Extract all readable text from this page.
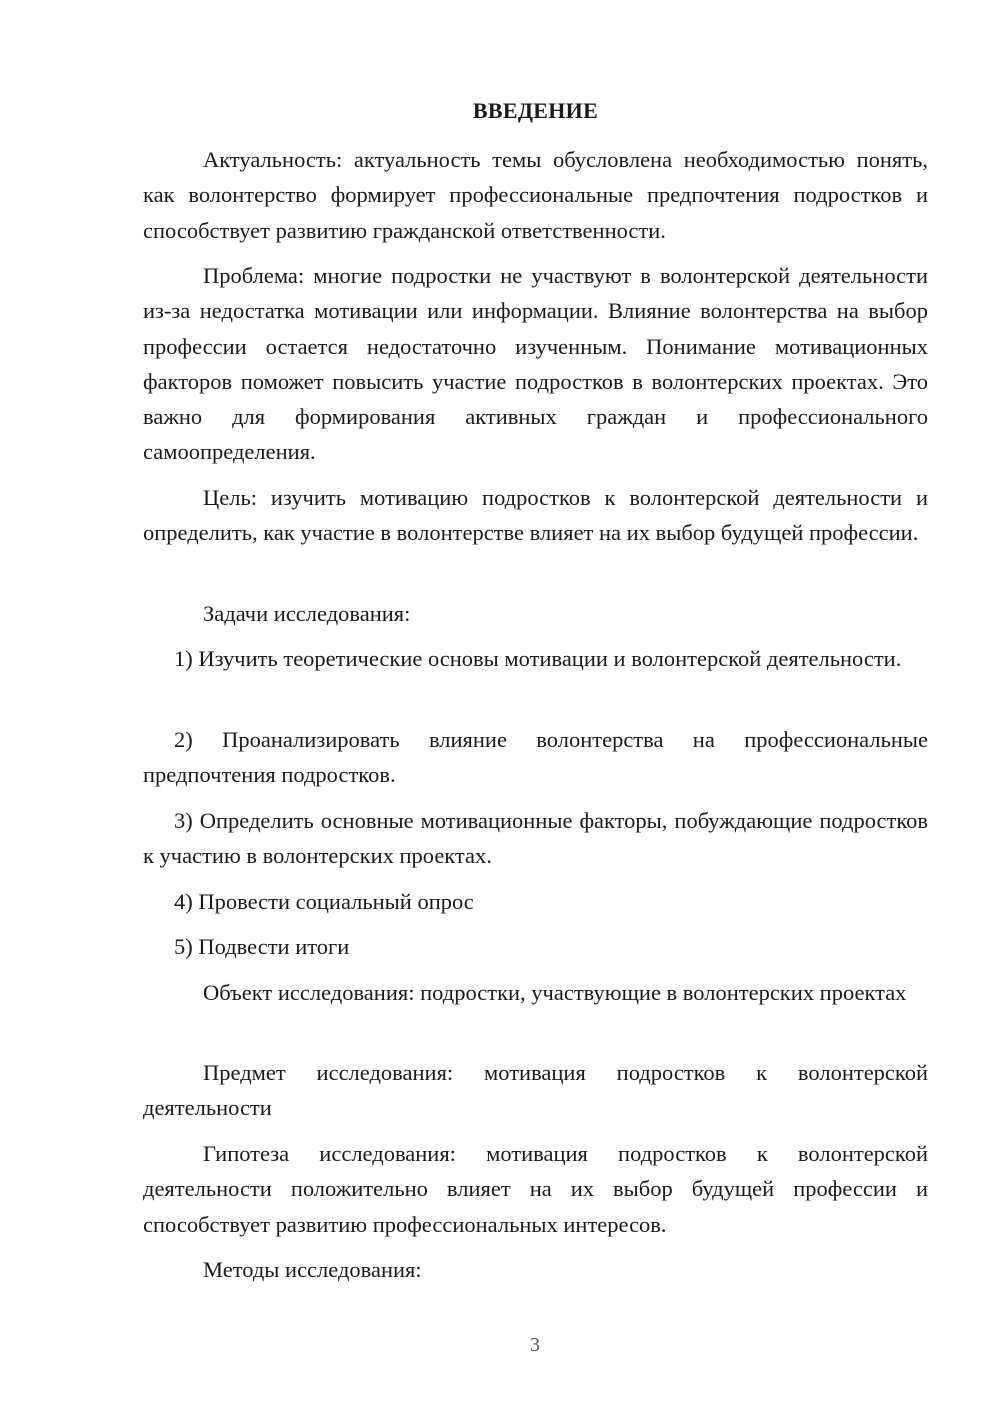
ВВЕДЕНИЕ

Актуальность: актуальность темы обусловлена необходимостью понять, как волонтерство формирует профессиональные предпочтения подростков и способствует развитию гражданской ответственности.

Проблема: многие подростки не участвуют в волонтерской деятельности из-за недостатка мотивации или информации. Влияние волонтерства на выбор профессии остается недостаточно изученным. Понимание мотивационных факторов поможет повысить участие подростков в волонтерских проектах. Это важно для формирования активных граждан и профессионального самоопределения.

Цель: изучить мотивацию подростков к волонтерской деятельности и определить, как участие в волонтерстве влияет на их выбор будущей профессии.

Задачи исследования:

1) Изучить теоретические основы мотивации и волонтерской деятельности.

2) Проанализировать влияние волонтерства на профессиональные предпочтения подростков.

3) Определить основные мотивационные факторы, побуждающие подростков к участию в волонтерских проектах.

4) Провести социальный опрос

5) Подвести итоги

Объект исследования: подростки, участвующие в волонтерских проектах

Предмет исследования: мотивация подростков к волонтерской деятельности

Гипотеза исследования: мотивация подростков к волонтерской деятельности положительно влияет на их выбор будущей профессии и способствует развитию профессиональных интересов.

Методы исследования:

3
